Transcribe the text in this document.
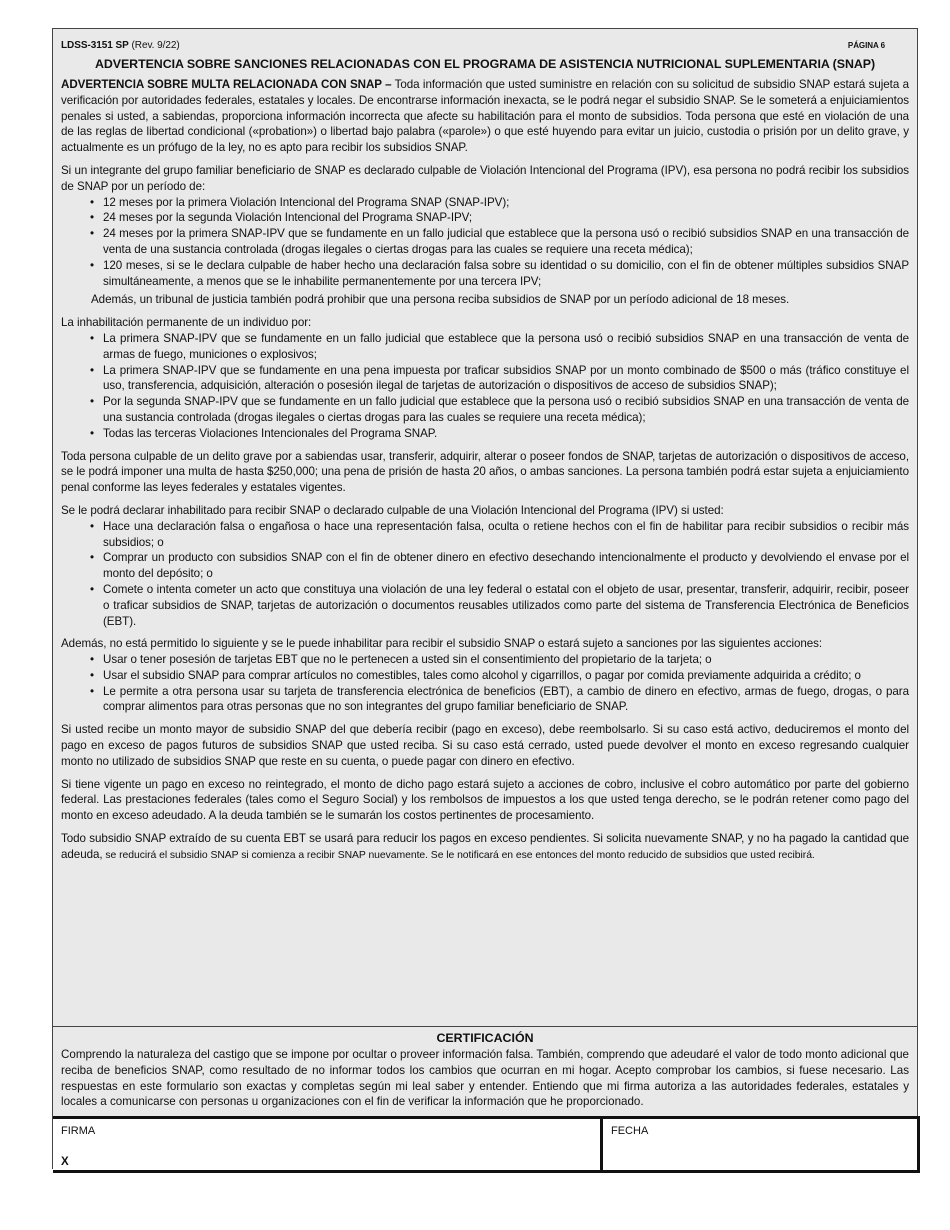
LDSS-3151 SP (Rev. 9/22)	PÁGINA 6
ADVERTENCIA SOBRE SANCIONES RELACIONADAS CON EL PROGRAMA DE ASISTENCIA NUTRICIONAL SUPLEMENTARIA (SNAP)

ADVERTENCIA SOBRE MULTA RELACIONADA CON SNAP – Toda información que usted suministre en relación con su solicitud de subsidio SNAP estará sujeta a verificación por autoridades federales, estatales y locales. De encontrarse información inexacta, se le podrá negar el subsidio SNAP. Se le someterá a enjuiciamientos penales si usted, a sabiendas, proporciona información incorrecta que afecte su habilitación para el monto de subsidios. Toda persona que esté en violación de una de las reglas de libertad condicional («probation») o libertad bajo palabra («parole») o que esté huyendo para evitar un juicio, custodia o prisión por un delito grave, y actualmente es un prófugo de la ley, no es apto para recibir los subsidios SNAP.

Si un integrante del grupo familiar beneficiario de SNAP es declarado culpable de Violación Intencional del Programa (IPV), esa persona no podrá recibir los subsidios de SNAP por un período de:
• 12 meses por la primera Violación Intencional del Programa SNAP (SNAP-IPV);
• 24 meses por la segunda Violación Intencional del Programa SNAP-IPV;
• 24 meses por la primera SNAP-IPV que se fundamente en un fallo judicial que establece que la persona usó o recibió subsidios SNAP en una transacción de venta de una sustancia controlada (drogas ilegales o ciertas drogas para las cuales se requiere una receta médica);
• 120 meses, si se le declara culpable de haber hecho una declaración falsa sobre su identidad o su domicilio, con el fin de obtener múltiples subsidios SNAP simultáneamente, a menos que se le inhabilite permanentemente por una tercera IPV;
Además, un tribunal de justicia también podrá prohibir que una persona reciba subsidios de SNAP por un período adicional de 18 meses.
La inhabilitación permanente de un individuo por:
• La primera SNAP-IPV que se fundamente en un fallo judicial que establece que la persona usó o recibió subsidios SNAP en una transacción de venta de armas de fuego, municiones o explosivos;
• La primera SNAP-IPV que se fundamente en una pena impuesta por traficar subsidios SNAP por un monto combinado de $500 o más (tráfico constituye el uso, transferencia, adquisición, alteración o posesión ilegal de tarjetas de autorización o dispositivos de acceso de subsidios SNAP);
• Por la segunda SNAP-IPV que se fundamente en un fallo judicial que establece que la persona usó o recibió subsidios SNAP en una transacción de venta de una sustancia controlada (drogas ilegales o ciertas drogas para las cuales se requiere una receta médica);
• Todas las terceras Violaciones Intencionales del Programa SNAP.

Toda persona culpable de un delito grave por a sabiendas usar, transferir, adquirir, alterar o poseer fondos de SNAP, tarjetas de autorización o dispositivos de acceso, se le podrá imponer una multa de hasta $250,000; una pena de prisión de hasta 20 años, o ambas sanciones. La persona también podrá estar sujeta a enjuiciamiento penal conforme las leyes federales y estatales vigentes.

Se le podrá declarar inhabilitado para recibir SNAP o declarado culpable de una Violación Intencional del Programa (IPV) si usted:
• Hace una declaración falsa o engañosa o hace una representación falsa, oculta o retiene hechos con el fin de habilitar para recibir subsidios o recibir más subsidios; o
• Comprar un producto con subsidios SNAP con el fin de obtener dinero en efectivo desechando intencionalmente el producto y devolviendo el envase por el monto del depósito; o
• Comete o intenta cometer un acto que constituya una violación de una ley federal o estatal con el objeto de usar, presentar, transferir, adquirir, recibir, poseer o traficar subsidios de SNAP, tarjetas de autorización o documentos reusables utilizados como parte del sistema de Transferencia Electrónica de Beneficios (EBT).
Además, no está permitido lo siguiente y se le puede inhabilitar para recibir el subsidio SNAP o estará sujeto a sanciones por las siguientes acciones:
• Usar o tener posesión de tarjetas EBT que no le pertenecen a usted sin el consentimiento del propietario de la tarjeta; o
• Usar el subsidio SNAP para comprar artículos no comestibles, tales como alcohol y cigarrillos, o pagar por comida previamente adquirida a crédito; o
• Le permite a otra persona usar su tarjeta de transferencia electrónica de beneficios (EBT), a cambio de dinero en efectivo, armas de fuego, drogas, o para comprar alimentos para otras personas que no son integrantes del grupo familiar beneficiario de SNAP.

Si usted recibe un monto mayor de subsidio SNAP del que debería recibir (pago en exceso), debe reembolsarlo. Si su caso está activo, deduciremos el monto del pago en exceso de pagos futuros de subsidios SNAP que usted reciba. Si su caso está cerrado, usted puede devolver el monto en exceso regresando cualquier monto no utilizado de subsidios SNAP que reste en su cuenta, o puede pagar con dinero en efectivo.

Si tiene vigente un pago en exceso no reintegrado, el monto de dicho pago estará sujeto a acciones de cobro, inclusive el cobro automático por parte del gobierno federal. Las prestaciones federales (tales como el Seguro Social) y los rembolsos de impuestos a los que usted tenga derecho, se le podrán retener como pago del monto en exceso adeudado. A la deuda también se le sumarán los costos pertinentes de procesamiento.

Todo subsidio SNAP extraído de su cuenta EBT se usará para reducir los pagos en exceso pendientes. Si solicita nuevamente SNAP, y no ha pagado la cantidad que adeuda, se reducirá el subsidio SNAP si comienza a recibir SNAP nuevamente. Se le notificará en ese entonces del monto reducido de subsidios que usted recibirá.

CERTIFICACIÓN
Comprendo la naturaleza del castigo que se impone por ocultar o proveer información falsa. También, comprendo que adeudaré el valor de todo monto adicional que reciba de beneficios SNAP, como resultado de no informar todos los cambios que ocurran en mi hogar. Acepto comprobar los cambios, si fuese necesario. Las respuestas en este formulario son exactas y completas según mi leal saber y entender. Entiendo que mi firma autoriza a las autoridades federales, estatales y locales a comunicarse con personas u organizaciones con el fin de verificar la información que he proporcionado.
FIRMA
X
FECHA
